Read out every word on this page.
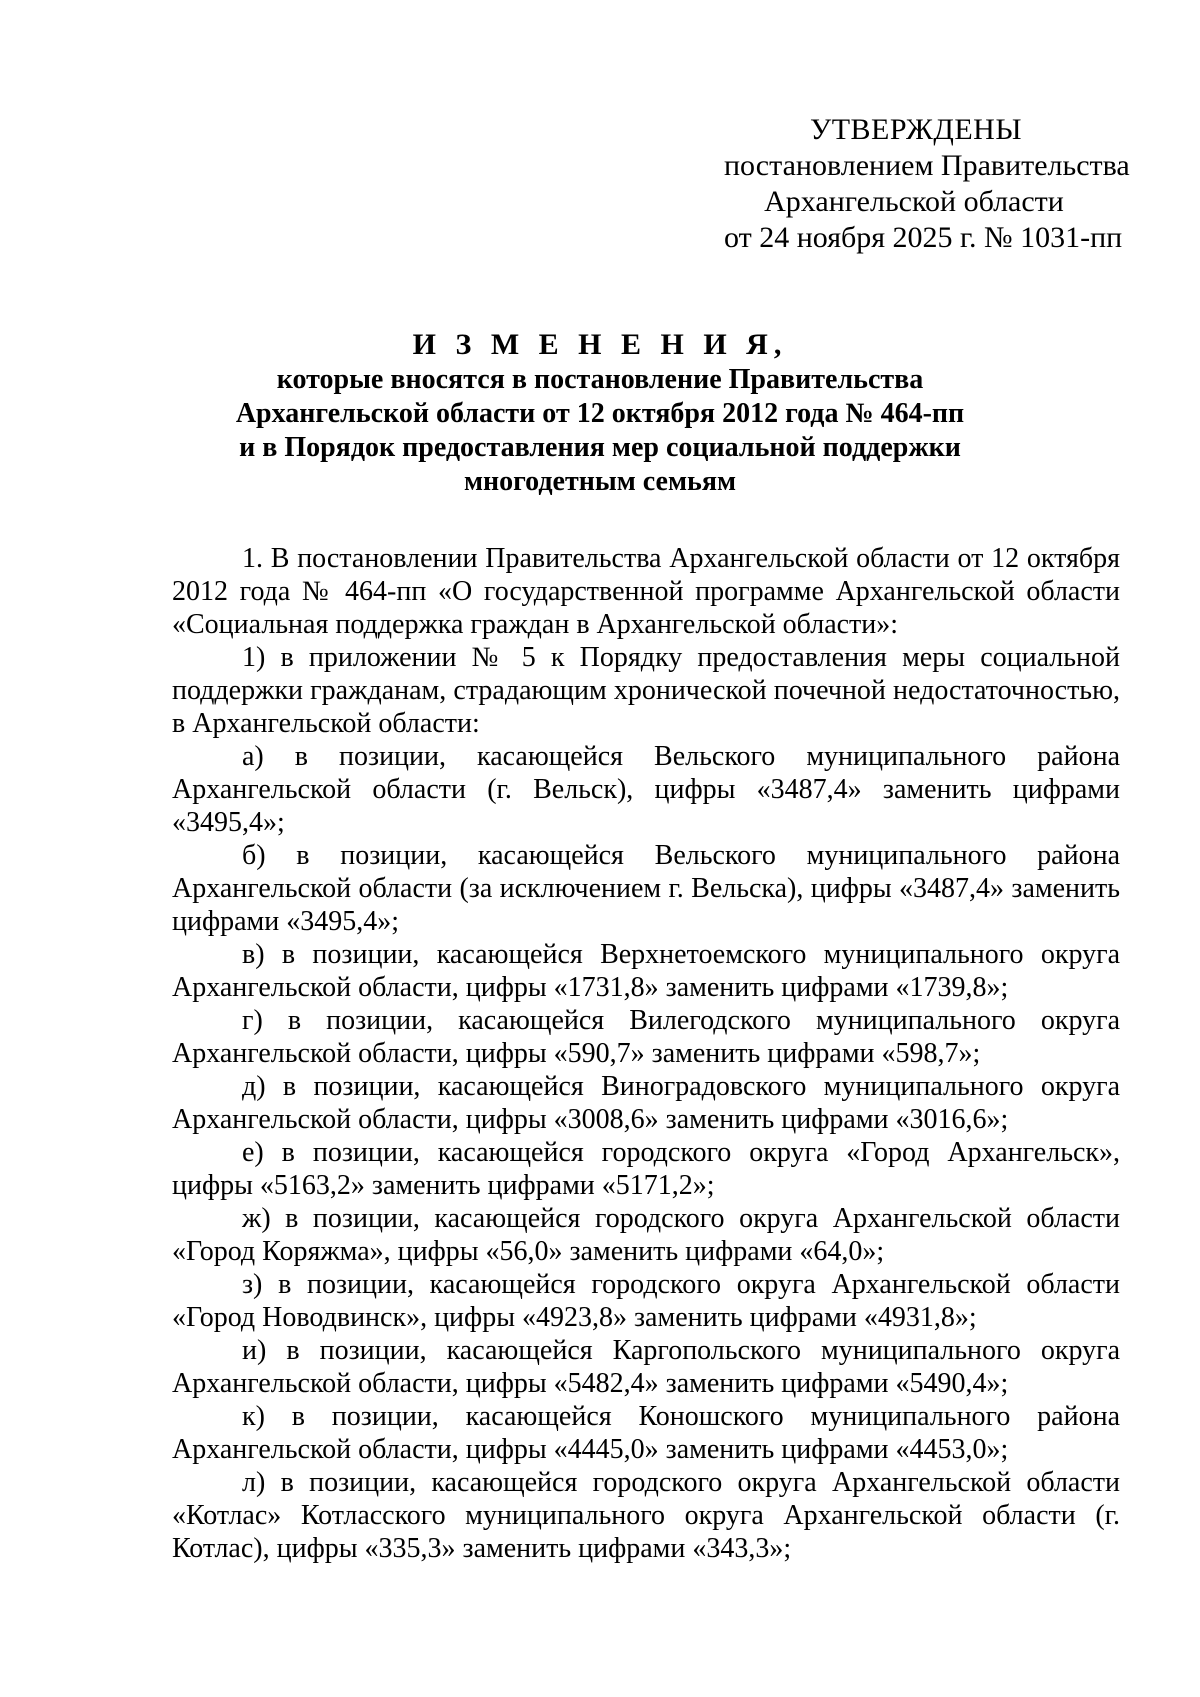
УТВЕРЖДЕНЫ
постановлением Правительства
Архангельской области
от 24 ноября 2025 г. № 1031-пп
И З М Е Н Е Н И Я,
которые вносятся в постановление Правительства
Архангельской области от 12 октября 2012 года № 464-пп
и в Порядок предоставления мер социальной поддержки
многодетным семьям

1. В постановлении Правительства Архангельской области от 12 октября 2012 года № 464-пп «О государственной программе Архангельской области «Социальная поддержка граждан в Архангельской области»:

1) в приложении № 5 к Порядку предоставления меры социальной поддержки гражданам, страдающим хронической почечной недостаточностью, в Архангельской области:

а) в позиции, касающейся Вельского муниципального района Архангельской области (г. Вельск), цифры «3487,4» заменить цифрами «3495,4»;

б) в позиции, касающейся Вельского муниципального района Архангельской области (за исключением г. Вельска), цифры «3487,4» заменить цифрами «3495,4»;

в) в позиции, касающейся Верхнетоемского муниципального округа Архангельской области, цифры «1731,8» заменить цифрами «1739,8»;

г) в позиции, касающейся Вилегодского муниципального округа Архангельской области, цифры «590,7» заменить цифрами «598,7»;

д) в позиции, касающейся Виноградовского муниципального округа Архангельской области, цифры «3008,6» заменить цифрами «3016,6»;

е) в позиции, касающейся городского округа «Город Архангельск», цифры «5163,2» заменить цифрами «5171,2»;

ж) в позиции, касающейся городского округа Архангельской области «Город Коряжма», цифры «56,0» заменить цифрами «64,0»;

з) в позиции, касающейся городского округа Архангельской области «Город Новодвинск», цифры «4923,8» заменить цифрами «4931,8»;

и) в позиции, касающейся Каргопольского муниципального округа Архангельской области, цифры «5482,4» заменить цифрами «5490,4»;

к) в позиции, касающейся Коношского муниципального района Архангельской области, цифры «4445,0» заменить цифрами «4453,0»;

л) в позиции, касающейся городского округа Архангельской области «Котлас» Котласского муниципального округа Архангельской области (г. Котлас), цифры «335,3» заменить цифрами «343,3»;
